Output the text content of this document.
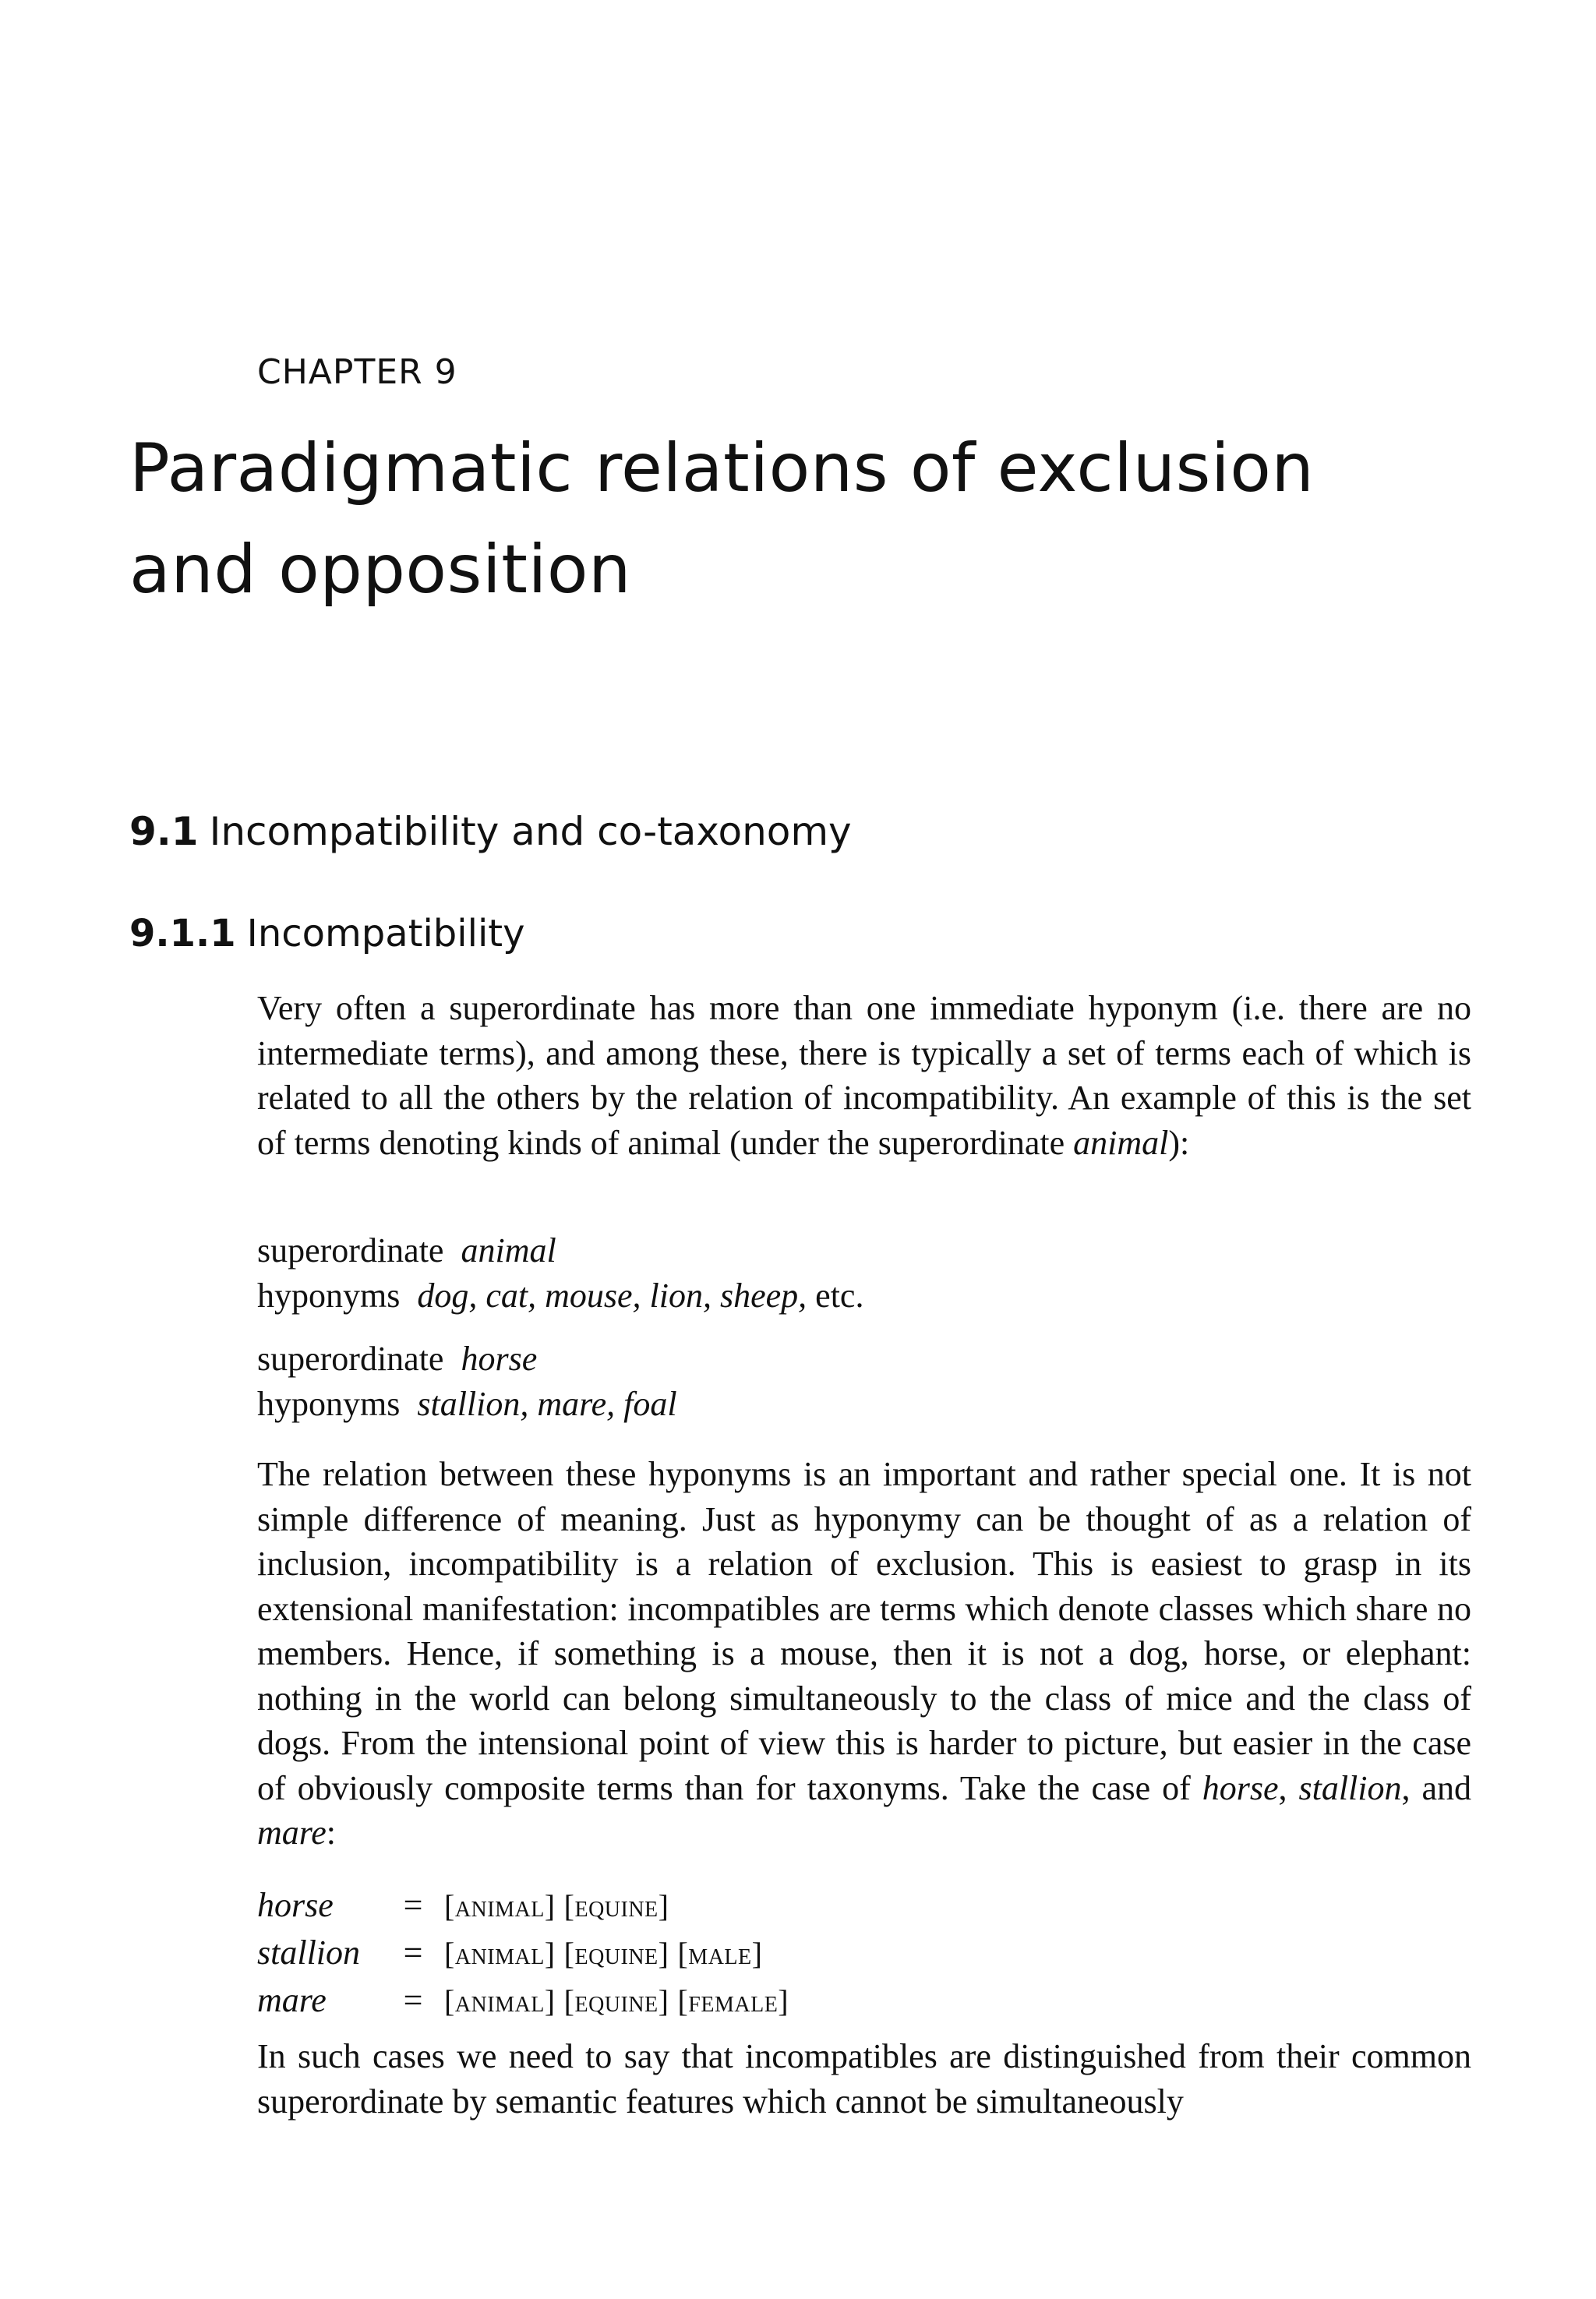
CHAPTER 9
Paradigmatic relations of exclusion
and opposition
9.1 Incompatibility and co-taxonomy
9.1.1 Incompatibility

Very often a superordinate has more than one immediate hyponym (i.e. there are no intermediate terms), and among these, there is typically a set of terms each of which is related to all the others by the relation of incompatibility. An example of this is the set of terms denoting kinds of animal (under the superordinate animal):

superordinate animal
hyponyms dog, cat, mouse, lion, sheep, etc.
superordinate horse
hyponyms stallion, mare, foal

The relation between these hyponyms is an important and rather special one. It is not simple difference of meaning. Just as hyponymy can be thought of as a relation of inclusion, incompatibility is a relation of exclusion. This is easiest to grasp in its extensional manifestation: incompatibles are terms which denote classes which share no members. Hence, if something is a mouse, then it is not a dog, horse, or elephant: nothing in the world can belong simultaneously to the class of mice and the class of dogs. From the intensional point of view this is harder to picture, but easier in the case of obviously composite terms than for taxonyms. Take the case of horse, stallion, and mare:

horse	=	[animal] [equine]
stallion	=	[animal] [equine] [male]
mare	=	[animal] [equine] [female]

In such cases we need to say that incompatibles are distinguished from their common superordinate by semantic features which cannot be simultaneously
